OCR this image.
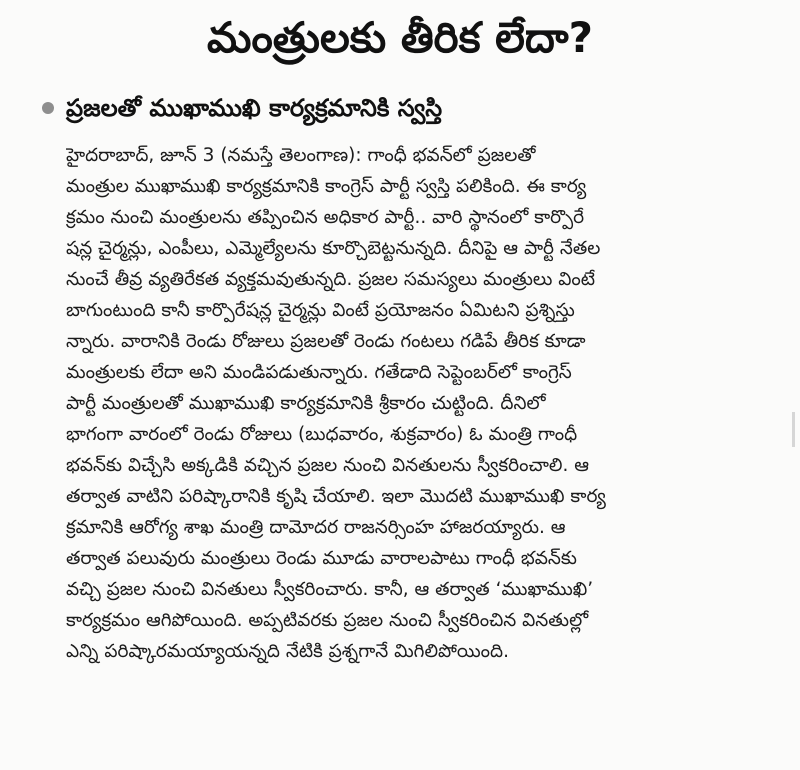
మంత్రులకు తీరిక లేదా?
ప్రజలతో ముఖాముఖి కార్యక్రమానికి స్వస్తి
హైదరాబాద్, జూన్ 3 (నమస్తే తెలంగాణ): గాంధీ భవన్‌లో ప్రజలతో
మంత్రుల ముఖాముఖి కార్యక్రమానికి కాంగ్రెస్ పార్టీ స్వస్తి పలికింది. ఈ కార్య
క్రమం నుంచి మంత్రులను తప్పించిన అధికార పార్టీ.. వారి స్థానంలో కార్పొరే
షన్ల చైర్మన్లు, ఎంపీలు, ఎమ్మెల్యేలను కూర్చొబెట్టనున్నది. దీనిపై ఆ పార్టీ నేతల
నుంచే తీవ్ర వ్యతిరేకత వ్యక్తమవుతున్నది. ప్రజల సమస్యలు మంత్రులు వింటే
బాగుంటుంది కానీ కార్పొరేషన్ల చైర్మన్లు వింటే ప్రయోజనం ఏమిటని ప్రశ్నిస్తు
న్నారు. వారానికి రెండు రోజులు ప్రజలతో రెండు గంటలు గడిపే తీరిక కూడా
మంత్రులకు లేదా అని మండిపడుతున్నారు. గతేడాది సెప్టెంబర్‌లో కాంగ్రెస్
పార్టీ మంత్రులతో ముఖాముఖి కార్యక్రమానికి శ్రీకారం చుట్టింది. దీనిలో
భాగంగా వారంలో రెండు రోజులు (బుధవారం, శుక్రవారం) ఓ మంత్రి గాంధీ
భవన్‌కు విచ్చేసి అక్కడికి వచ్చిన ప్రజల నుంచి వినతులను స్వీకరించాలి. ఆ
తర్వాత వాటిని పరిష్కారానికి కృషి చేయాలి. ఇలా మొదటి ముఖాముఖి కార్య
క్రమానికి ఆరోగ్య శాఖ మంత్రి దామోదర రాజనర్సింహ హాజరయ్యారు. ఆ
తర్వాత పలువురు మంత్రులు రెండు మూడు వారాలపాటు గాంధీ భవన్‌కు
వచ్చి ప్రజల నుంచి వినతులు స్వీకరించారు. కానీ, ఆ తర్వాత ‘ముఖాముఖి’
కార్యక్రమం ఆగిపోయింది. అప్పటివరకు ప్రజల నుంచి స్వీకరించిన వినతుల్లో
ఎన్ని పరిష్కారమయ్యాయన్నది నేటికి ప్రశ్నగానే మిగిలిపోయింది.
